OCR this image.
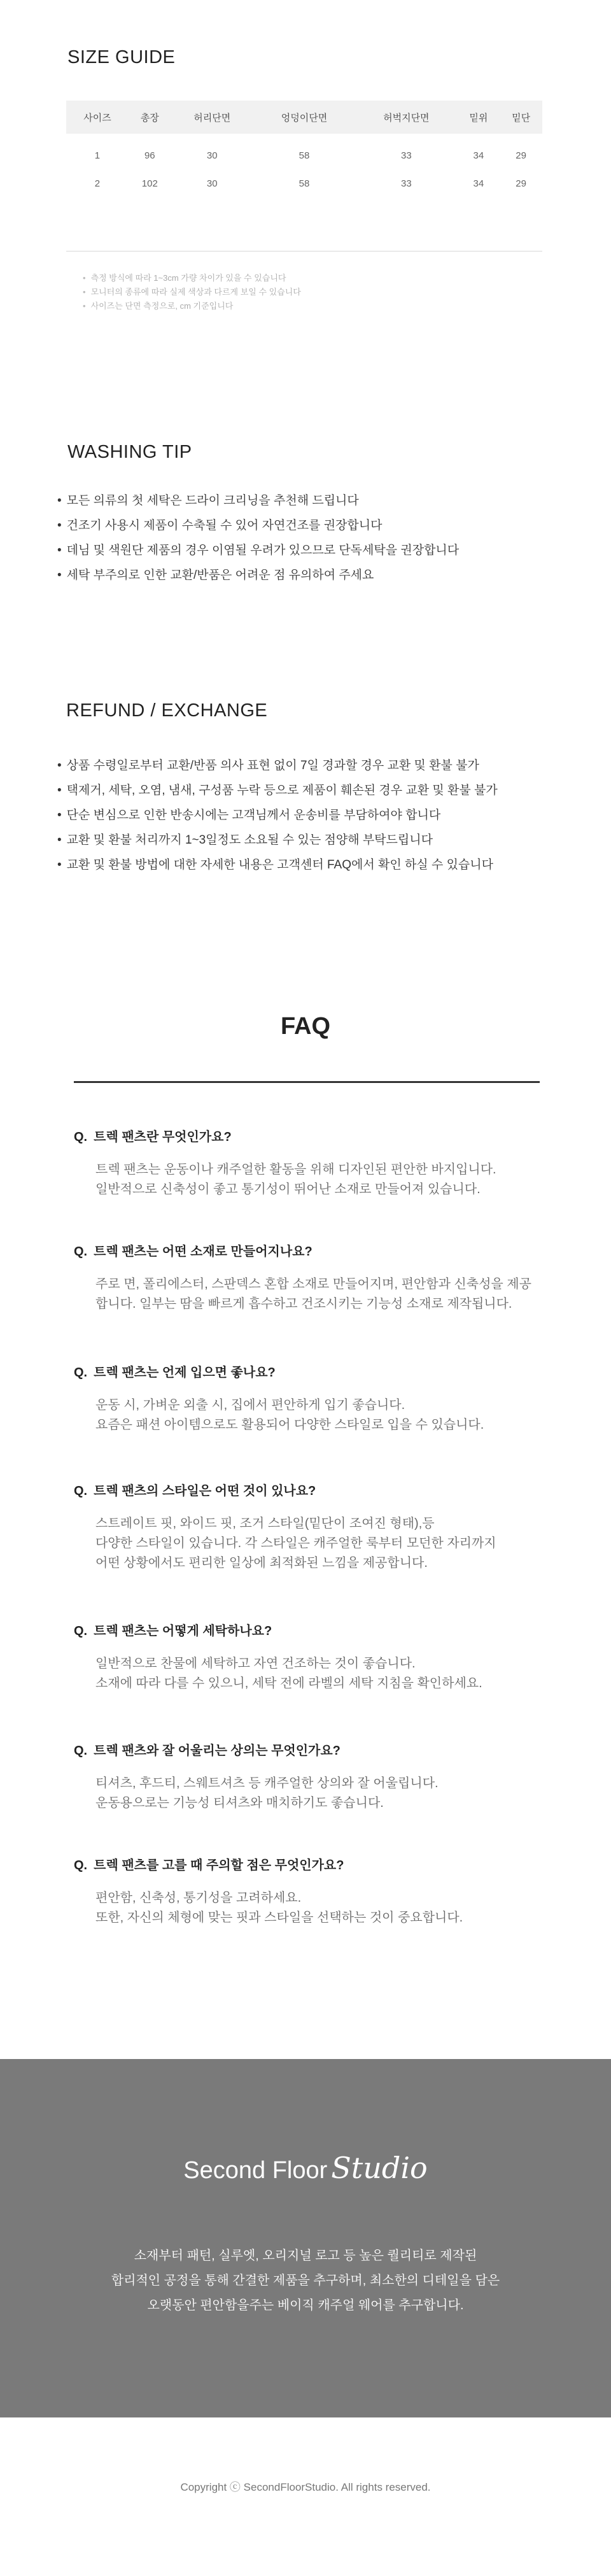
SIZE GUIDE
사이즈	총장	허리단면	엉덩이단면	허벅지단면	밑위	밑단
1	96	30	58	33	34	29
2	102	30	58	33	34	29
• 측정 방식에 따라 1~3cm 가량 차이가 있을 수 있습니다
• 모니터의 종류에 따라 실제 색상과 다르게 보일 수 있습니다
• 사이즈는 단면 측정으로, cm 기준입니다
WASHING TIP
• 모든 의류의 첫 세탁은 드라이 크리닝을 추천해 드립니다
• 건조기 사용시 제품이 수축될 수 있어 자연건조를 권장합니다
• 데님 및 색원단 제품의 경우 이염될 우려가 있으므로 단독세탁을 권장합니다
• 세탁 부주의로 인한 교환/반품은 어려운 점 유의하여 주세요
REFUND / EXCHANGE
• 상품 수령일로부터 교환/반품 의사 표현 없이 7일 경과할 경우 교환 및 환불 불가
• 택제거, 세탁, 오염, 냄새, 구성품 누락 등으로 제품이 훼손된 경우 교환 및 환불 불가
• 단순 변심으로 인한 반송시에는 고객님께서 운송비를 부담하여야 합니다
• 교환 및 환불 처리까지 1~3일정도 소요될 수 있는 점양해 부탁드립니다
• 교환 및 환불 방법에 대한 자세한 내용은 고객센터 FAQ에서 확인 하실 수 있습니다
FAQ

Q. 트렉 팬츠란 무엇인가요?

트렉 팬츠는 운동이나 캐주얼한 활동을 위해 디자인된 편안한 바지입니다.
일반적으로 신축성이 좋고 통기성이 뛰어난 소재로 만들어져 있습니다.

Q. 트렉 팬츠는 어떤 소재로 만들어지나요?

주로 면, 폴리에스터, 스판덱스 혼합 소재로 만들어지며, 편안함과 신축성을 제공
합니다. 일부는 땀을 빠르게 흡수하고 건조시키는 기능성 소재로 제작됩니다.

Q. 트렉 팬츠는 언제 입으면 좋나요?

운동 시, 가벼운 외출 시, 집에서 편안하게 입기 좋습니다.
요즘은 패션 아이템으로도 활용되어 다양한 스타일로 입을 수 있습니다.

Q. 트렉 팬츠의 스타일은 어떤 것이 있나요?

스트레이트 핏, 와이드 핏, 조거 스타일(밑단이 조여진 형태),등
다양한 스타일이 있습니다. 각 스타일은 캐주얼한 룩부터 모던한 자리까지
어떤 상황에서도 편리한 일상에 최적화된 느낌을 제공합니다.

Q. 트렉 팬츠는 어떻게 세탁하나요?

일반적으로 찬물에 세탁하고 자연 건조하는 것이 좋습니다.
소재에 따라 다를 수 있으니, 세탁 전에 라벨의 세탁 지침을 확인하세요.

Q. 트렉 팬츠와 잘 어울리는 상의는 무엇인가요?

티셔츠, 후드티, 스웨트셔츠 등 캐주얼한 상의와 잘 어울립니다.
운동용으로는 기능성 티셔츠와 매치하기도 좋습니다.

Q. 트렉 팬츠를 고를 때 주의할 점은 무엇인가요?

편안함, 신축성, 통기성을 고려하세요.
또한, 자신의 체형에 맞는 핏과 스타일을 선택하는 것이 중요합니다.
Second Floor Studio
소재부터 패턴, 실루엣, 오리지널 로고 등 높은 퀄리티로 제작된
합리적인 공정을 통해 간결한 제품을 추구하며, 최소한의 디테일을 담은
오랫동안 편안함을주는 베이직 캐주얼 웨어를 추구합니다.
Copyright ⓒ SecondFloorStudio. All rights reserved.
